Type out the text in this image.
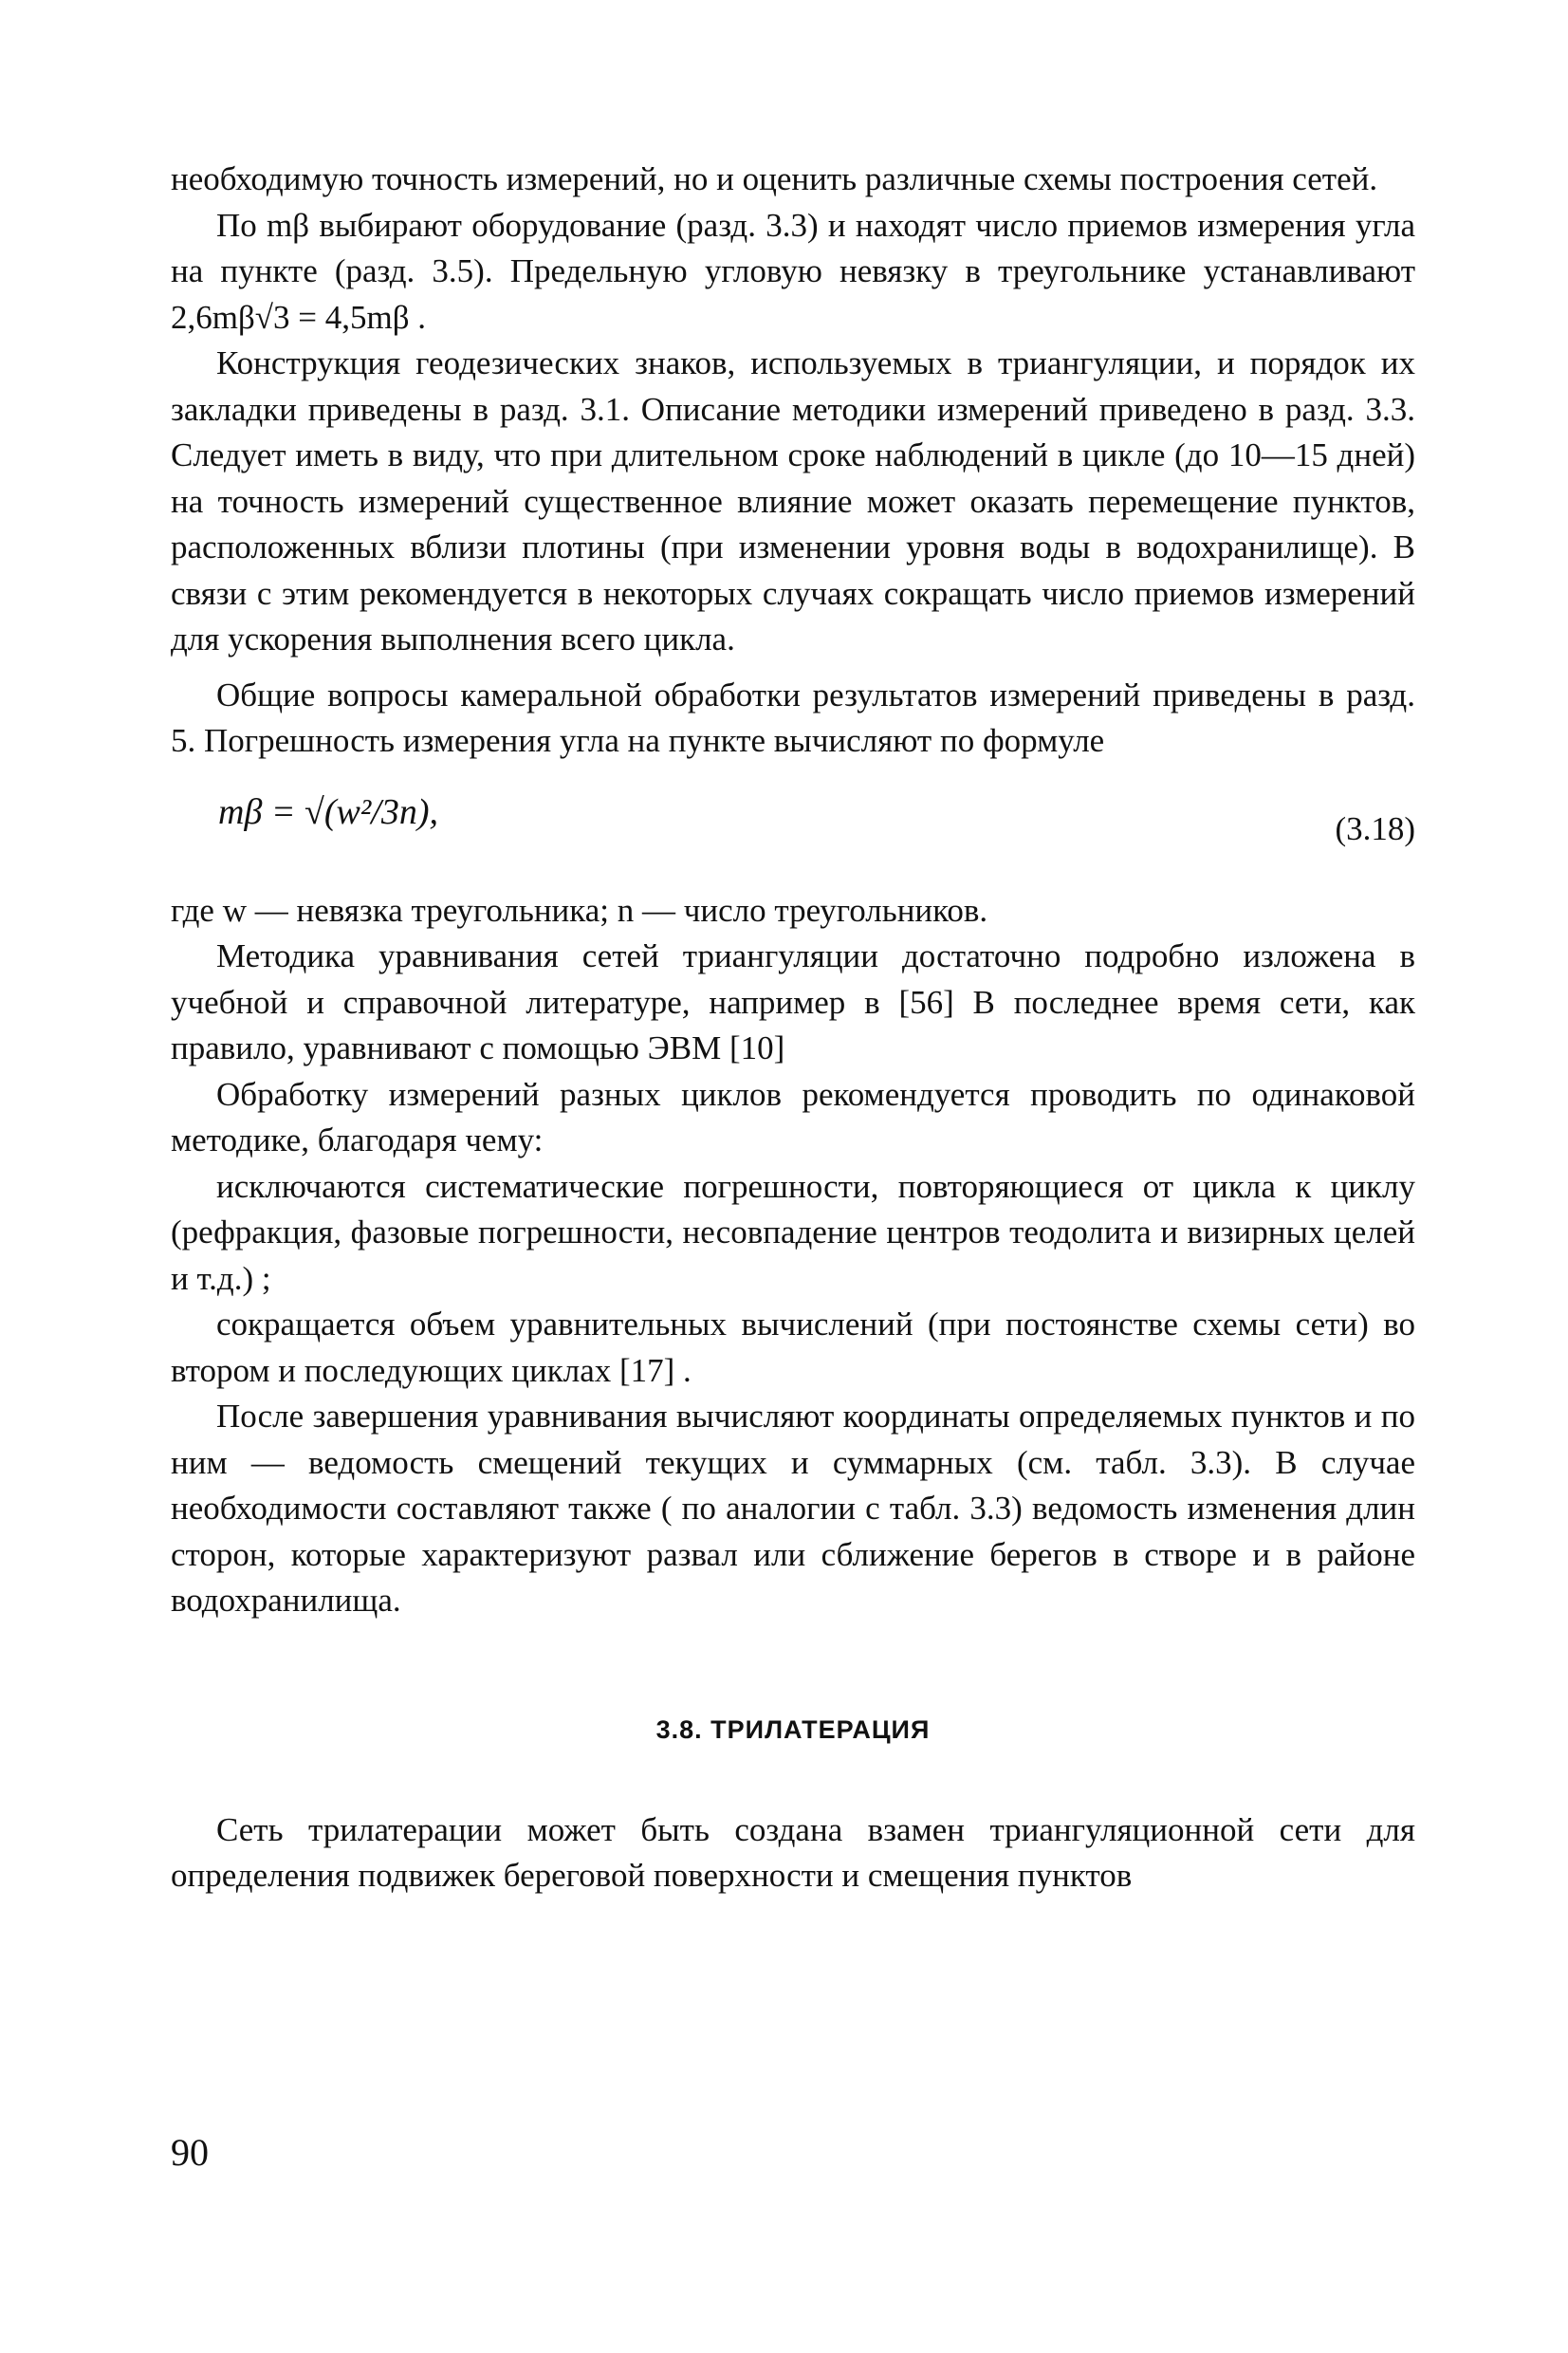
необходимую точность измерений, но и оценить различные схемы построения сетей.

По mβ выбирают оборудование (разд. 3.3) и находят число приемов измерения угла на пункте (разд. 3.5). Предельную угловую невязку в треугольнике устанавливают 2,6mβ√3 = 4,5mβ .

Конструкция геодезических знаков, используемых в триангуляции, и порядок их закладки приведены в разд. 3.1. Описание методики измерений приведено в разд. 3.3. Следует иметь в виду, что при длительном сроке наблюдений в цикле (до 10—15 дней) на точность измерений существенное влияние может оказать перемещение пунктов, расположенных вблизи плотины (при изменении уровня воды в водохранилище). В связи с этим рекомендуется в некоторых случаях сокращать число приемов измерений для ускорения выполнения всего цикла.

Общие вопросы камеральной обработки результатов измерений приведены в разд. 5. Погрешность измерения угла на пункте вычисляют по формуле

mβ = √(w²/3n),	(3.18)

где w — невязка треугольника; n — число треугольников.

Методика уравнивания сетей триангуляции достаточно подробно изложена в учебной и справочной литературе, например в [56] В последнее время сети, как правило, уравнивают с помощью ЭВМ [10]

Обработку измерений разных циклов рекомендуется проводить по одинаковой методике, благодаря чему:

исключаются систематические погрешности, повторяющиеся от цикла к циклу (рефракция, фазовые погрешности, несовпадение центров теодолита и визирных целей и т.д.) ;

сокращается объем уравнительных вычислений (при постоянстве схемы сети) во втором и последующих циклах [17] .

После завершения уравнивания вычисляют координаты определяемых пунктов и по ним — ведомость смещений текущих и суммарных (см. табл. 3.3). В случае необходимости составляют также ( по аналогии с табл. 3.3) ведомость изменения длин сторон, которые характеризуют развал или сближение берегов в створе и в районе водохранилища.

3.8. ТРИЛАТЕРАЦИЯ

Сеть трилатерации может быть создана взамен триангуляционной сети для определения подвижек береговой поверхности и смещения пунктов

90
